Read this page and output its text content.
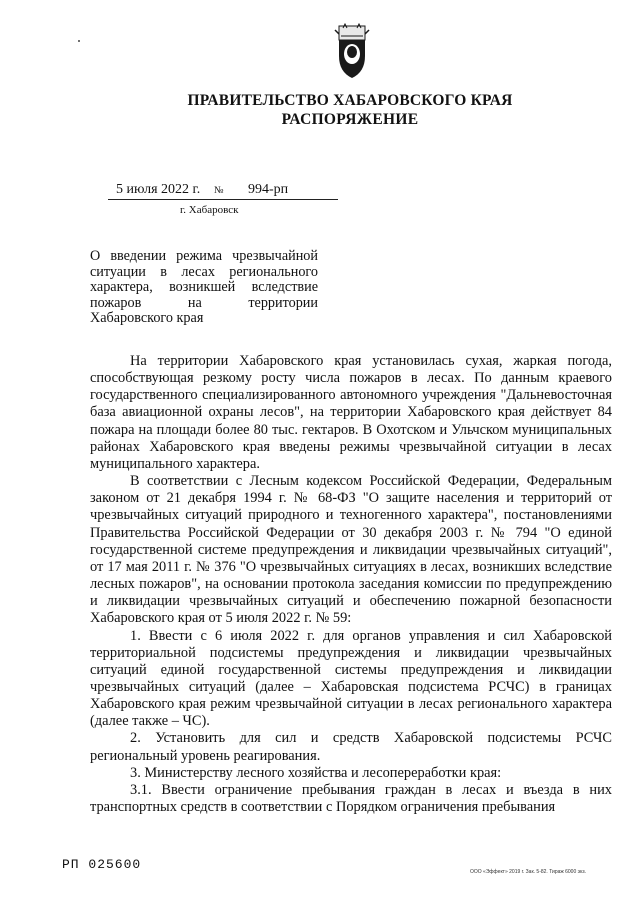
ПРАВИТЕЛЬСТВО ХАБАРОВСКОГО КРАЯ
РАСПОРЯЖЕНИЕ
5 июля 2022 г. № 994-рп
г. Хабаровск
О введении режима чрезвычайной
ситуации в лесах регионального
характера, возникшей вследствие
пожаров на территории
Хабаровского края

На территории Хабаровского края установилась сухая, жаркая погода, способствующая резкому росту числа пожаров в лесах. По данным краевого государственного специализированного автономного учреждения "Дальневосточная база авиационной охраны лесов", на территории Хабаровского края действует 84 пожара на площади более 80 тыс. гектаров. В Охотском и Ульчском муниципальных районах Хабаровского края введены режимы чрезвычайной ситуации в лесах муниципального характера.

В соответствии с Лесным кодексом Российской Федерации, Федеральным законом от 21 декабря 1994 г. № 68-ФЗ "О защите населения и территорий от чрезвычайных ситуаций природного и техногенного характера", постановлениями Правительства Российской Федерации от 30 декабря 2003 г. № 794 "О единой государственной системе предупреждения и ликвидации чрезвычайных ситуаций", от 17 мая 2011 г. № 376 "О чрезвычайных ситуациях в лесах, возникших вследствие лесных пожаров", на основании протокола заседания комиссии по предупреждению и ликвидации чрезвычайных ситуаций и обеспечению пожарной безопасности Хабаровского края от 5 июля 2022 г. № 59:

1. Ввести с 6 июля 2022 г. для органов управления и сил Хабаровской территориальной подсистемы предупреждения и ликвидации чрезвычайных ситуаций единой государственной системы предупреждения и ликвидации чрезвычайных ситуаций (далее – Хабаровская подсистема РСЧС) в границах Хабаровского края режим чрезвычайной ситуации в лесах регионального характера (далее также – ЧС).

2. Установить для сил и средств Хабаровской подсистемы РСЧС региональный уровень реагирования.

3. Министерству лесного хозяйства и лесопереработки края:

3.1. Ввести ограничение пребывания граждан в лесах и въезда в них транспортных средств в соответствии с Порядком ограничения пребывания

РП 025600	ООО «Эффект» 2019 г. Зак. 5-82. Тираж 6000 экз.
